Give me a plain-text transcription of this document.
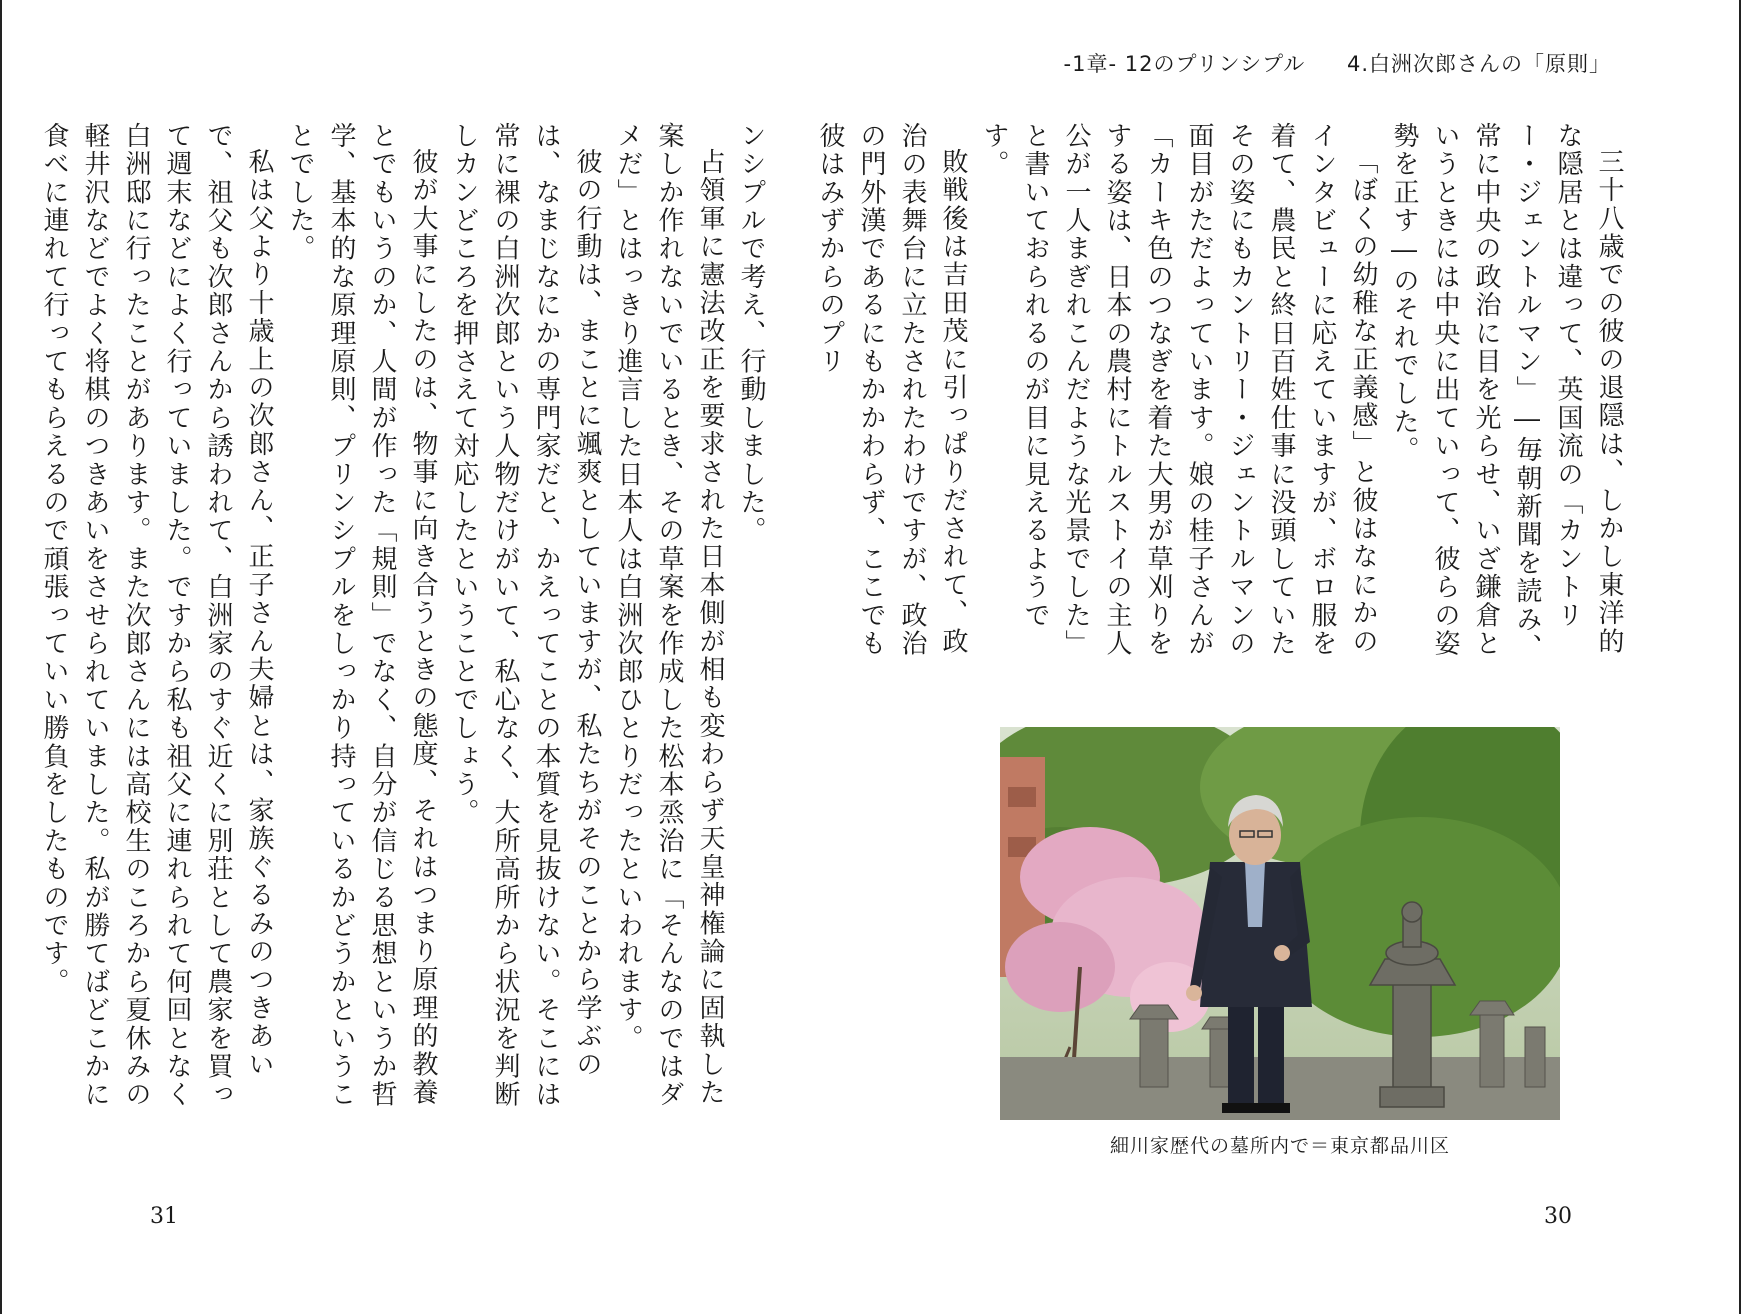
-1章- 12のプリンシプル 4.白洲次郎さんの「原則」
三十八歳での彼の退隠は、しかし東洋的な隠居とは違って、英国流の「カントリー・ジェントルマン」―毎朝新聞を読み、常に中央の政治に目を光らせ、いざ鎌倉というときには中央に出ていって、彼らの姿勢を正す―のそれでした。
「ぼくの幼稚な正義感」と彼はなにかのインタビューに応えていますが、ボロ服を着て、農民と終日百姓仕事に没頭していたその姿にもカントリー・ジェントルマンの面目がただよっています。娘の桂子さんが「カーキ色のつなぎを着た大男が草刈りをする姿は、日本の農村にトルストイの主人公が一人まぎれこんだような光景でした」と書いておられるのが目に見えるようです。
敗戦後は吉田茂に引っぱりだされて、政治の表舞台に立たされたわけですが、政治の門外漢であるにもかかわらず、ここでも彼はみずからのプリ
細川家歴代の墓所内で＝東京都品川区
ンシプルで考え、行動しました。
占領軍に憲法改正を要求された日本側が相も変わらず天皇神権論に固執した案しか作れないでいるとき、その草案を作成した松本烝治に「そんなのではダメだ」とはっきり進言した日本人は白洲次郎ひとりだったといわれます。
彼の行動は、まことに颯爽としていますが、私たちがそのことから学ぶのは、なまじなにかの専門家だと、かえってことの本質を見抜けない。そこには常に裸の白洲次郎という人物だけがいて、私心なく、大所高所から状況を判断しカンどころを押さえて対応したということでしょう。
彼が大事にしたのは、物事に向き合うときの態度、それはつまり原理的教養とでもいうのか、人間が作った「規則」でなく、自分が信じる思想というか哲学、基本的な原理原則、プリンシプルをしっかり持っているかどうかということでした。
私は父より十歳上の次郎さん、正子さん夫婦とは、家族ぐるみのつきあいで、祖父も次郎さんから誘われて、白洲家のすぐ近くに別荘として農家を買って週末などによく行っていました。ですから私も祖父に連れられて何回となく白洲邸に行ったことがあります。また次郎さんには高校生のころから夏休みの軽井沢などでよく将棋のつきあいをさせられていました。私が勝てばどこかに食べに連れて行ってもらえるので頑張っていい勝負をしたものです。
31	30
